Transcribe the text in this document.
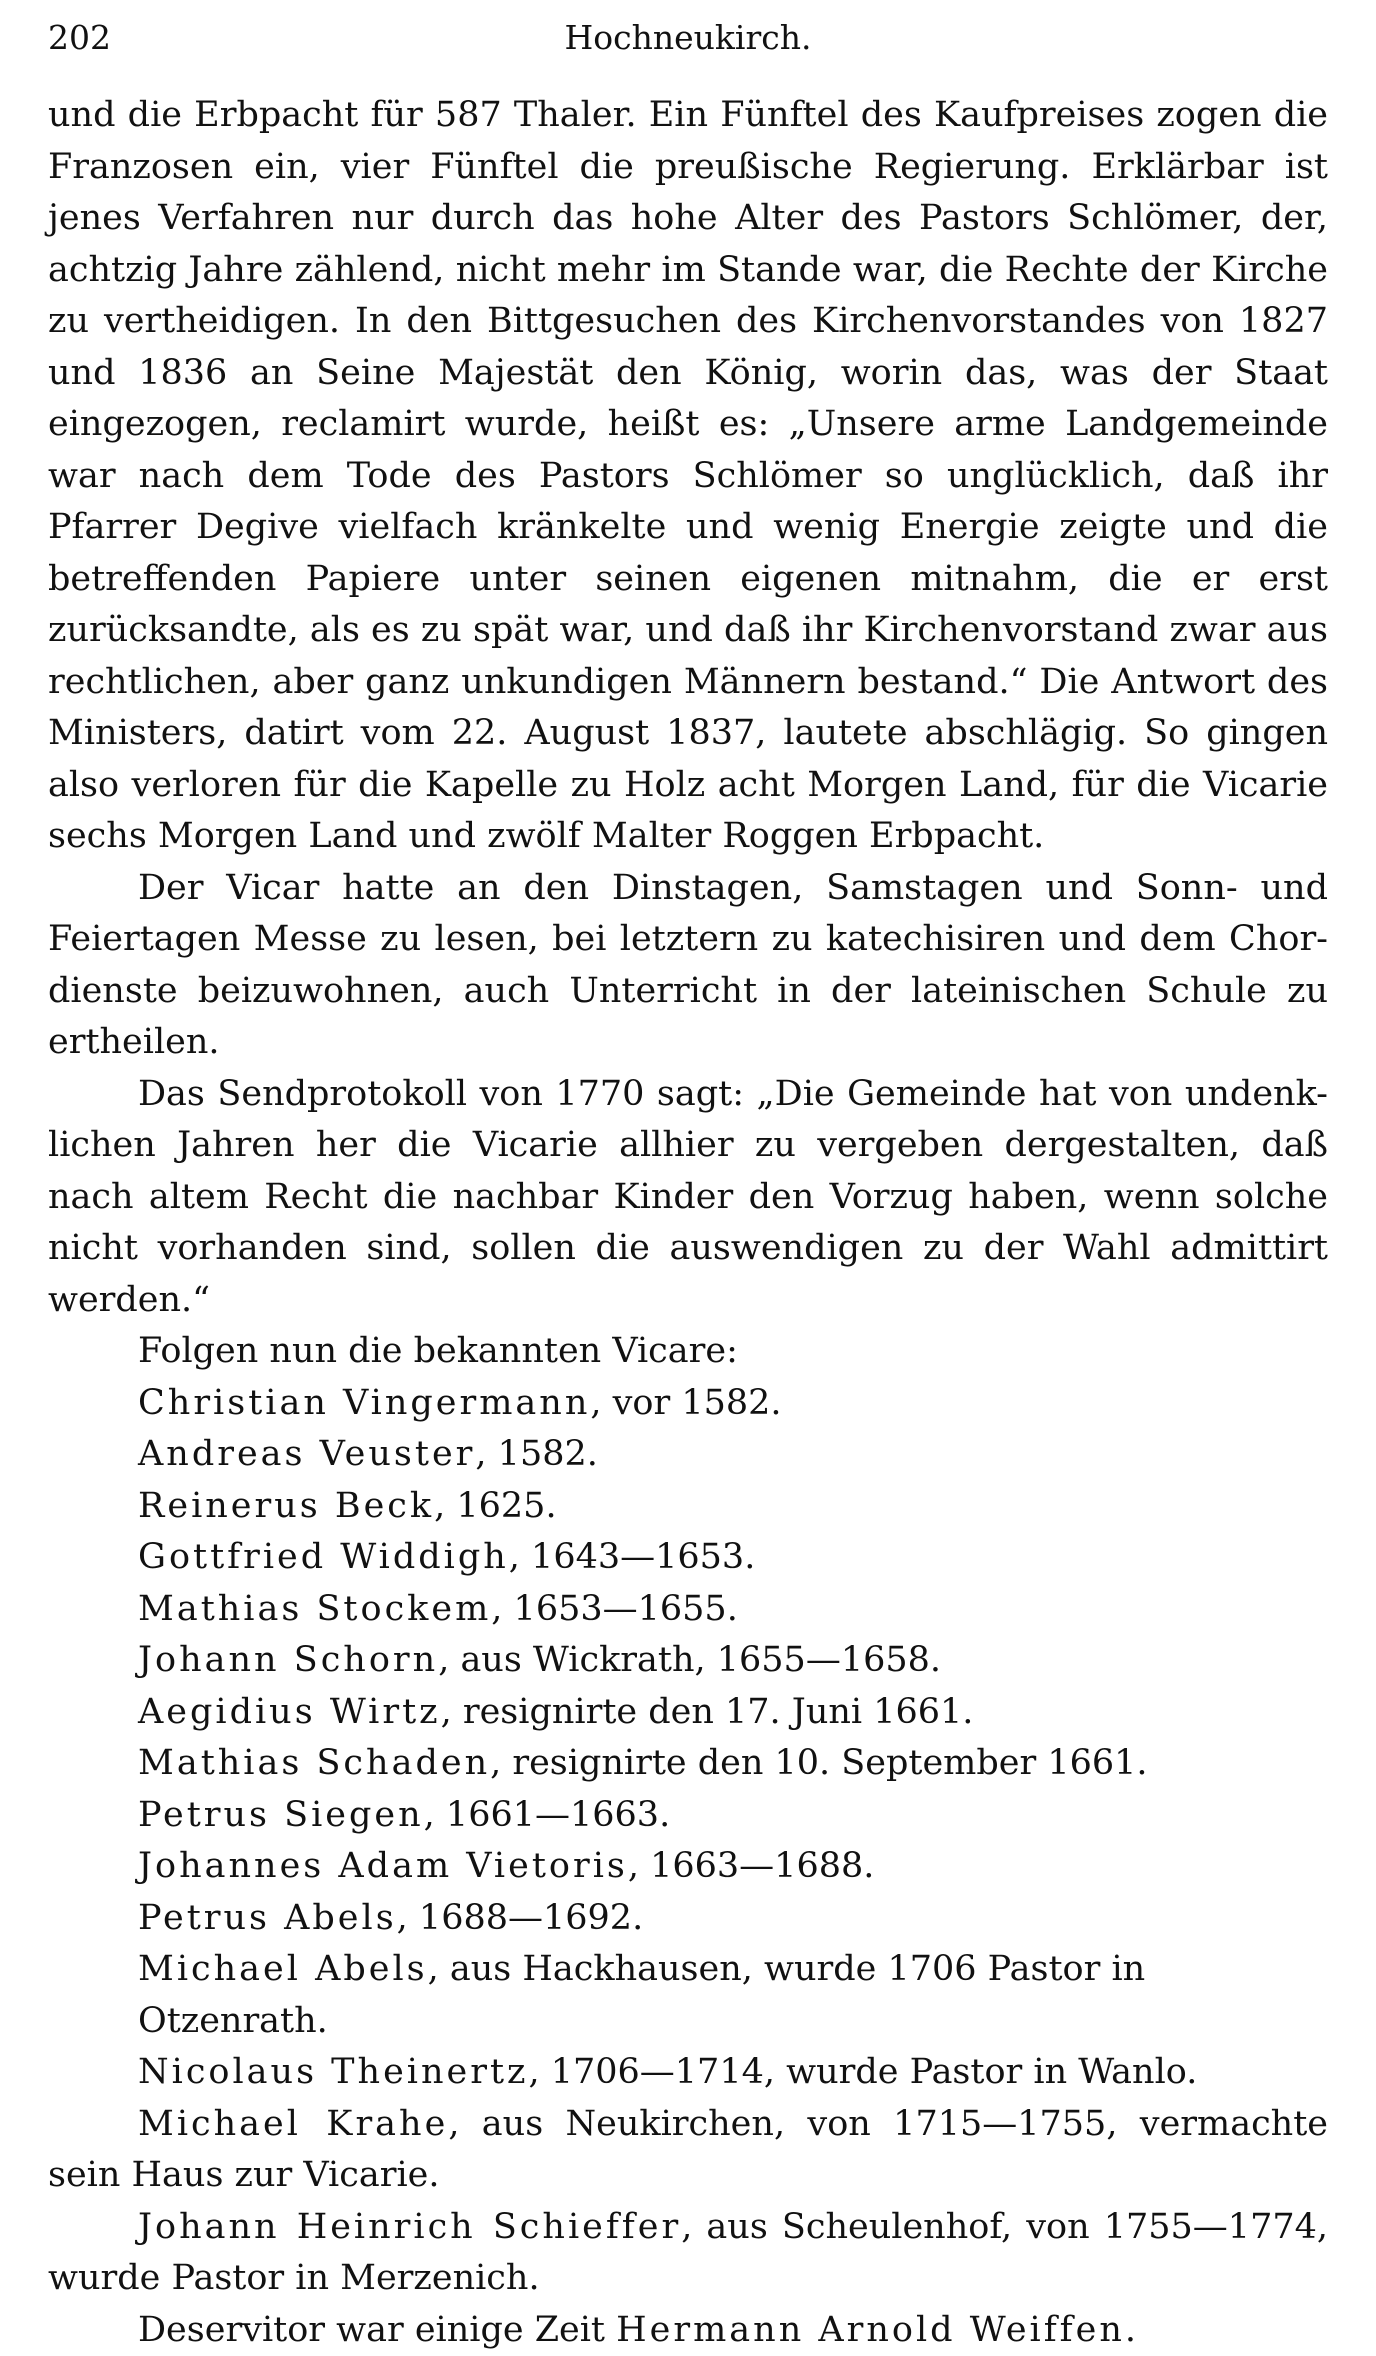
202	Hochneukirch.

und die Erbpacht für 587 Thaler. Ein Fünftel des Kaufpreises zogen die Franzosen ein, vier Fünftel die preußische Regierung. Erklärbar ist jenes Verfahren nur durch das hohe Alter des Pastors Schlömer, der, achtzig Jahre zählend, nicht mehr im Stande war, die Rechte der Kirche zu vertheidigen. In den Bittgesuchen des Kirchenvorstandes von 1827 und 1836 an Seine Majestät den König, worin das, was der Staat eingezogen, reclamirt wurde, heißt es: „Unsere arme Landgemeinde war nach dem Tode des Pastors Schlömer so unglücklich, daß ihr Pfarrer Degive vielfach kränkelte und wenig Energie zeigte und die betreffenden Papiere unter seinen eigenen mitnahm, die er erst zurücksandte, als es zu spät war, und daß ihr Kirchenvorstand zwar aus rechtlichen, aber ganz unkundigen Männern bestand.“ Die Antwort des Ministers, datirt vom 22. August 1837, lautete abschlägig. So gingen also verloren für die Kapelle zu Holz acht Morgen Land, für die Vicarie sechs Morgen Land und zwölf Malter Roggen Erbpacht.

Der Vicar hatte an den Dinstagen, Samstagen und Sonn- und Feiertagen Messe zu lesen, bei letztern zu katechisiren und dem Chor-dienste beizuwohnen, auch Unterricht in der lateinischen Schule zu ertheilen.

Das Sendprotokoll von 1770 sagt: „Die Gemeinde hat von undenk-lichen Jahren her die Vicarie allhier zu vergeben dergestalten, daß nach altem Recht die nachbar Kinder den Vorzug haben, wenn solche nicht vorhanden sind, sollen die auswendigen zu der Wahl admittirt werden.“

Folgen nun die bekannten Vicare:

Christian Vingermann, vor 1582.
Andreas Veuster, 1582.
Reinerus Beck, 1625.
Gottfried Widdigh, 1643—1653.
Mathias Stockem, 1653—1655.
Johann Schorn, aus Wickrath, 1655—1658.
Aegidius Wirtz, resignirte den 17. Juni 1661.
Mathias Schaden, resignirte den 10. September 1661.
Petrus Siegen, 1661—1663.
Johannes Adam Vietoris, 1663—1688.
Petrus Abels, 1688—1692.
Michael Abels, aus Hackhausen, wurde 1706 Pastor in Otzenrath.
Nicolaus Theinertz, 1706—1714, wurde Pastor in Wanlo.
Michael Krahe, aus Neukirchen, von 1715—1755, vermachte sein Haus zur Vicarie.
Johann Heinrich Schieffer, aus Scheulenhof, von 1755—1774, wurde Pastor in Merzenich.

Deservitor war einige Zeit Hermann Arnold Weiffen.
